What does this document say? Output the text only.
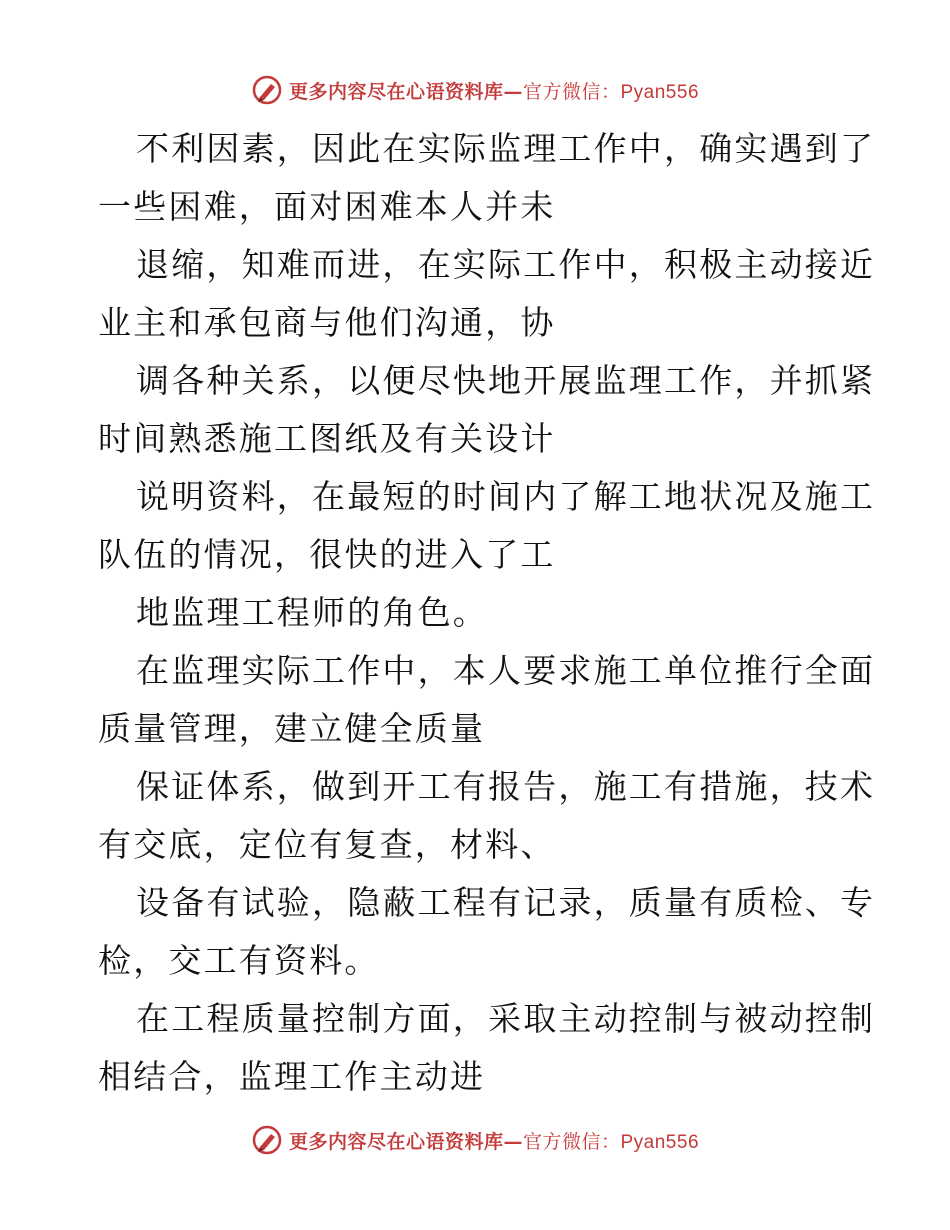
更多内容尽在心语资料库—官方微信：Pyan556

不利因素，因此在实际监理工作中，确实遇到了
一些困难，面对困难本人并未

退缩，知难而进，在实际工作中，积极主动接近
业主和承包商与他们沟通，协

调各种关系，以便尽快地开展监理工作，并抓紧
时间熟悉施工图纸及有关设计

说明资料，在最短的时间内了解工地状况及施工
队伍的情况，很快的进入了工

地监理工程师的角色。

在监理实际工作中，本人要求施工单位推行全面
质量管理，建立健全质量

保证体系，做到开工有报告，施工有措施，技术
有交底，定位有复查，材料、

设备有试验，隐蔽工程有记录，质量有质检、专
检，交工有资料。

在工程质量控制方面，采取主动控制与被动控制
相结合，监理工作主动进

更多内容尽在心语资料库—官方微信：Pyan556
